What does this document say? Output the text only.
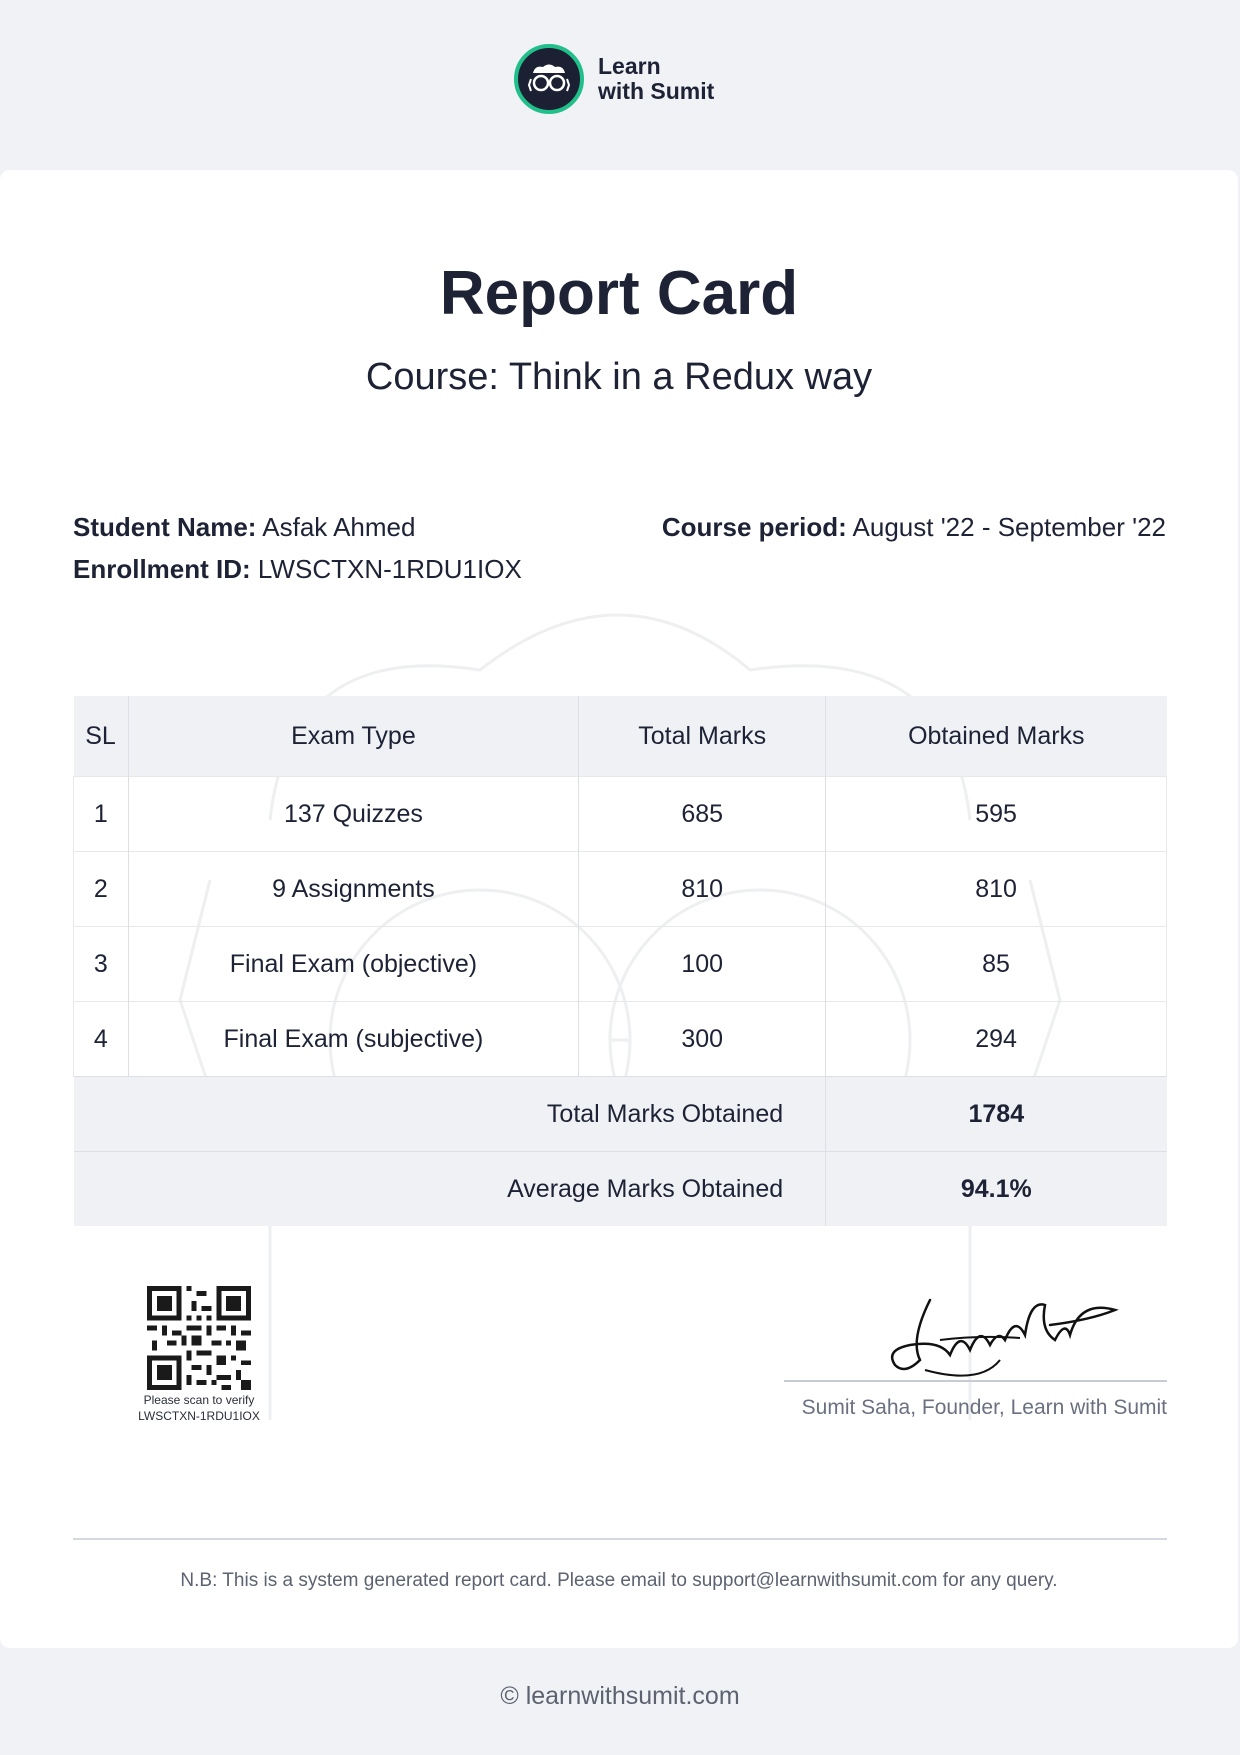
Learn
with Sumit
Report Card
Course: Think in a Redux way
Student Name: Asfak Ahmed
Enrollment ID: LWSCTXN-1RDU1IOX
Course period: August '22 - September '22
SL	Exam Type	Total Marks	Obtained Marks
1	137 Quizzes	685	595
2	9 Assignments	810	810
3	Final Exam (objective)	100	85
4	Final Exam (subjective)	300	294
Total Marks Obtained			1784
Average Marks Obtained			94.1%
Please scan to verify
LWSCTXN-1RDU1IOX	Sumit Saha, Founder, Learn with Sumit
N.B: This is a system generated report card. Please email to support@learnwithsumit.com for any query.
© learnwithsumit.com
